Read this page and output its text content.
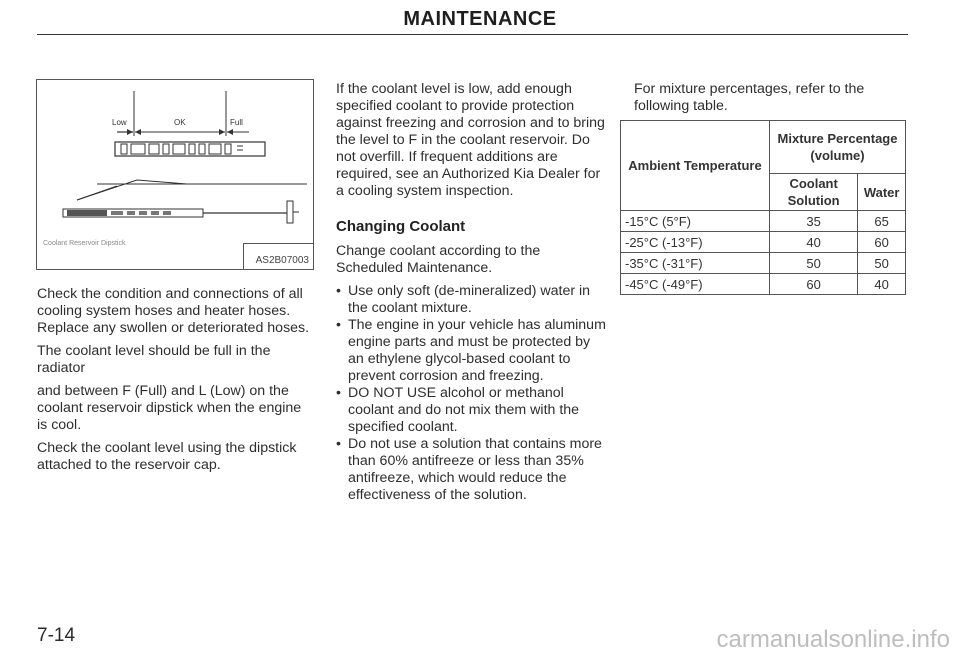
MAINTENANCE
Low	OK	Full
Coolant Reservoir Dipstick
AS2B07003

Check the condition and connections of all cooling system hoses and heater hoses. Replace any swollen or deteriorated hoses.

The coolant level should be full in the radiator

and between F (Full) and L (Low) on the coolant reservoir dipstick when the engine is cool.

Check the coolant level using the dipstick attached to the reservoir cap.

If the coolant level is low, add enough specified coolant to provide protection against freezing and corrosion and to bring the level to F in the coolant reservoir. Do not overfill. If frequent additions are required, see an Authorized Kia Dealer for a cooling system inspection.

Changing Coolant

Change coolant according to the Scheduled Maintenance.

• Use only soft (de-mineralized) water in the coolant mixture.
• The engine in your vehicle has aluminum engine parts and must be protected by an ethylene glycol-based coolant to prevent corrosion and freezing.
• DO NOT USE alcohol or methanol coolant and do not mix them with the specified coolant.
• Do not use a solution that contains more than 60% antifreeze or less than 35% antifreeze, which would reduce the effectiveness of the solution.

For mixture percentages, refer to the following table.

Ambient Temperature	Mixture Percentage (volume)	
	Coolant Solution	Water
-15°C (5°F)	35	65
-25°C (-13°F)	40	60
-35°C (-31°F)	50	50
-45°C (-49°F)	60	40
7-14	carmanualsonline.info
